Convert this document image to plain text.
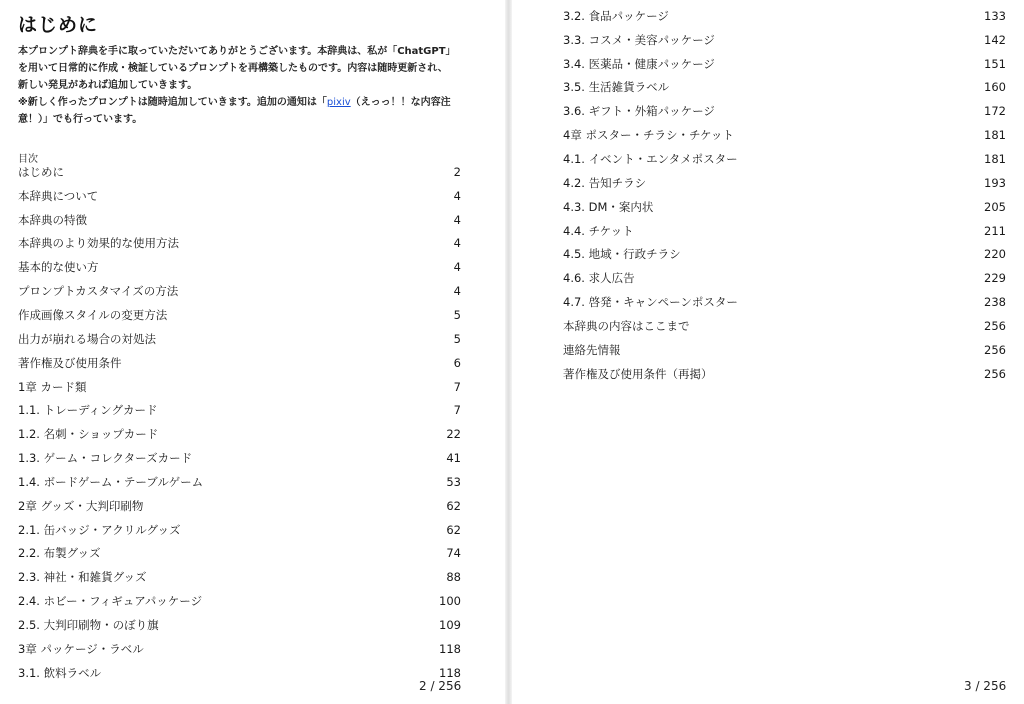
はじめに

本プロンプト辞典を手に取っていただいてありがとうございます。本辞典は、私が「ChatGPT」

を用いて日常的に作成・検証しているプロンプトを再構築したものです。内容は随時更新され、

新しい発見があれば追加していきます。

※新しく作ったプロンプトは随時追加していきます。追加の通知は「pixiv（えっっ！！な内容注意！）」でも行っています。

目次
はじめに	2
本辞典について	4
本辞典の特徴	4
本辞典のより効果的な使用方法	4
基本的な使い方	4
プロンプトカスタマイズの方法	4
作成画像スタイルの変更方法	5
出力が崩れる場合の対処法	5
著作権及び使用条件	6
1章 カード類	7
1.1. トレーディングカード	7
1.2. 名刺・ショップカード	22
1.3. ゲーム・コレクターズカード	41
1.4. ボードゲーム・テーブルゲーム	53
2章 グッズ・大判印刷物	62
2.1. 缶バッジ・アクリルグッズ	62
2.2. 布製グッズ	74
2.3. 神社・和雑貨グッズ	88
2.4. ホビー・フィギュアパッケージ	100
2.5. 大判印刷物・のぼり旗	109
3章 パッケージ・ラベル	118
3.1. 飲料ラベル	118
2 / 256	3 / 256
3.2. 食品パッケージ	133
3.3. コスメ・美容パッケージ	142
3.4. 医薬品・健康パッケージ	151
3.5. 生活雑貨ラベル	160
3.6. ギフト・外箱パッケージ	172
4章 ポスター・チラシ・チケット	181
4.1. イベント・エンタメポスター	181
4.2. 告知チラシ	193
4.3. DM・案内状	205
4.4. チケット	211
4.5. 地域・行政チラシ	220
4.6. 求人広告	229
4.7. 啓発・キャンペーンポスター	238
本辞典の内容はここまで	256
連絡先情報	256
著作権及び使用条件（再掲）	256
